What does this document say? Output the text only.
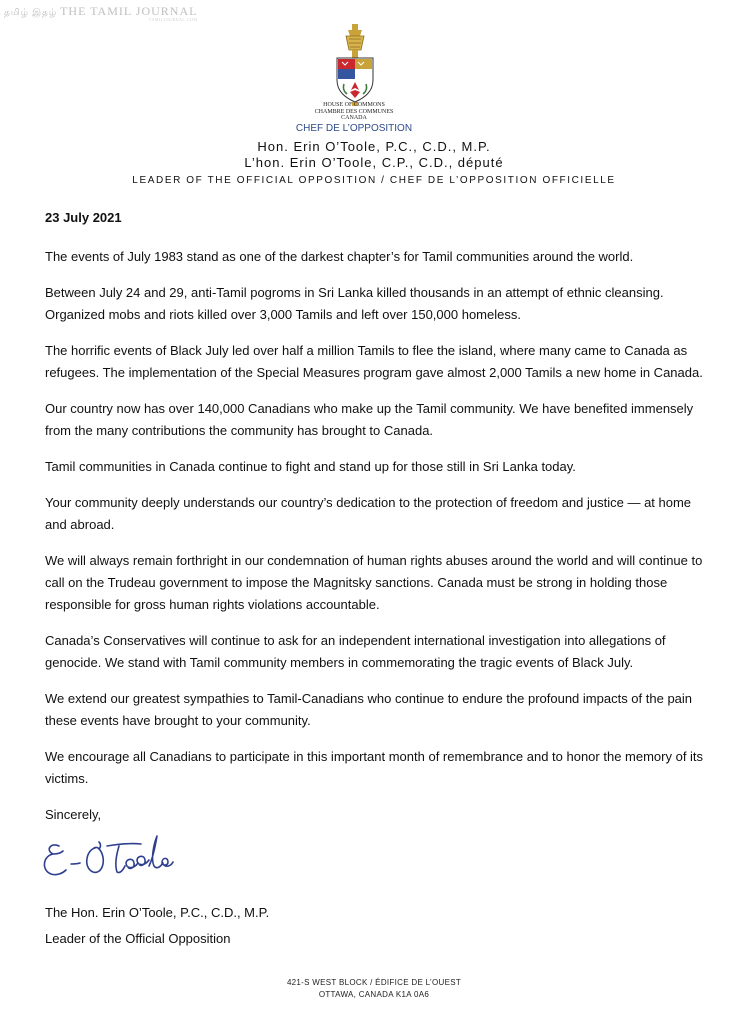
தமிழ் இதழ் THE TAMIL JOURNAL
TAMILJOURNAL.COM
HOUSE OF COMMONS
CHAMBRE DES COMMUNES
CANADA
CHEF DE L’OPPOSITION
Hon. Erin O’Toole, P.C., C.D., M.P.
L’hon. Erin O’Toole, C.P., C.D., député
LEADER OF THE OFFICIAL OPPOSITION / CHEF DE L’OPPOSITION OFFICIELLE

23 July 2021

The events of July 1983 stand as one of the darkest chapter’s for Tamil communities around the world.

Between July 24 and 29, anti-Tamil pogroms in Sri Lanka killed thousands in an attempt of ethnic cleansing. Organized mobs and riots killed over 3,000 Tamils and left over 150,000 homeless.

The horrific events of Black July led over half a million Tamils to flee the island, where many came to Canada as refugees. The implementation of the Special Measures program gave almost 2,000 Tamils a new home in Canada.

Our country now has over 140,000 Canadians who make up the Tamil community. We have benefited immensely from the many contributions the community has brought to Canada.

Tamil communities in Canada continue to fight and stand up for those still in Sri Lanka today.

Your community deeply understands our country’s dedication to the protection of freedom and justice — at home and abroad.

We will always remain forthright in our condemnation of human rights abuses around the world and will continue to call on the Trudeau government to impose the Magnitsky sanctions. Canada must be strong in holding those responsible for gross human rights violations accountable.

Canada’s Conservatives will continue to ask for an independent international investigation into allegations of genocide. We stand with Tamil community members in commemorating the tragic events of Black July.

We extend our greatest sympathies to Tamil-Canadians who continue to endure the profound impacts of the pain these events have brought to your community.

We encourage all Canadians to participate in this important month of remembrance and to honor the memory of its victims.

Sincerely,

The Hon. Erin O’Toole, P.C., C.D., M.P.

Leader of the Official Opposition

421-S WEST BLOCK / ÉDIFICE DE L’OUEST
OTTAWA, CANADA K1A 0A6
